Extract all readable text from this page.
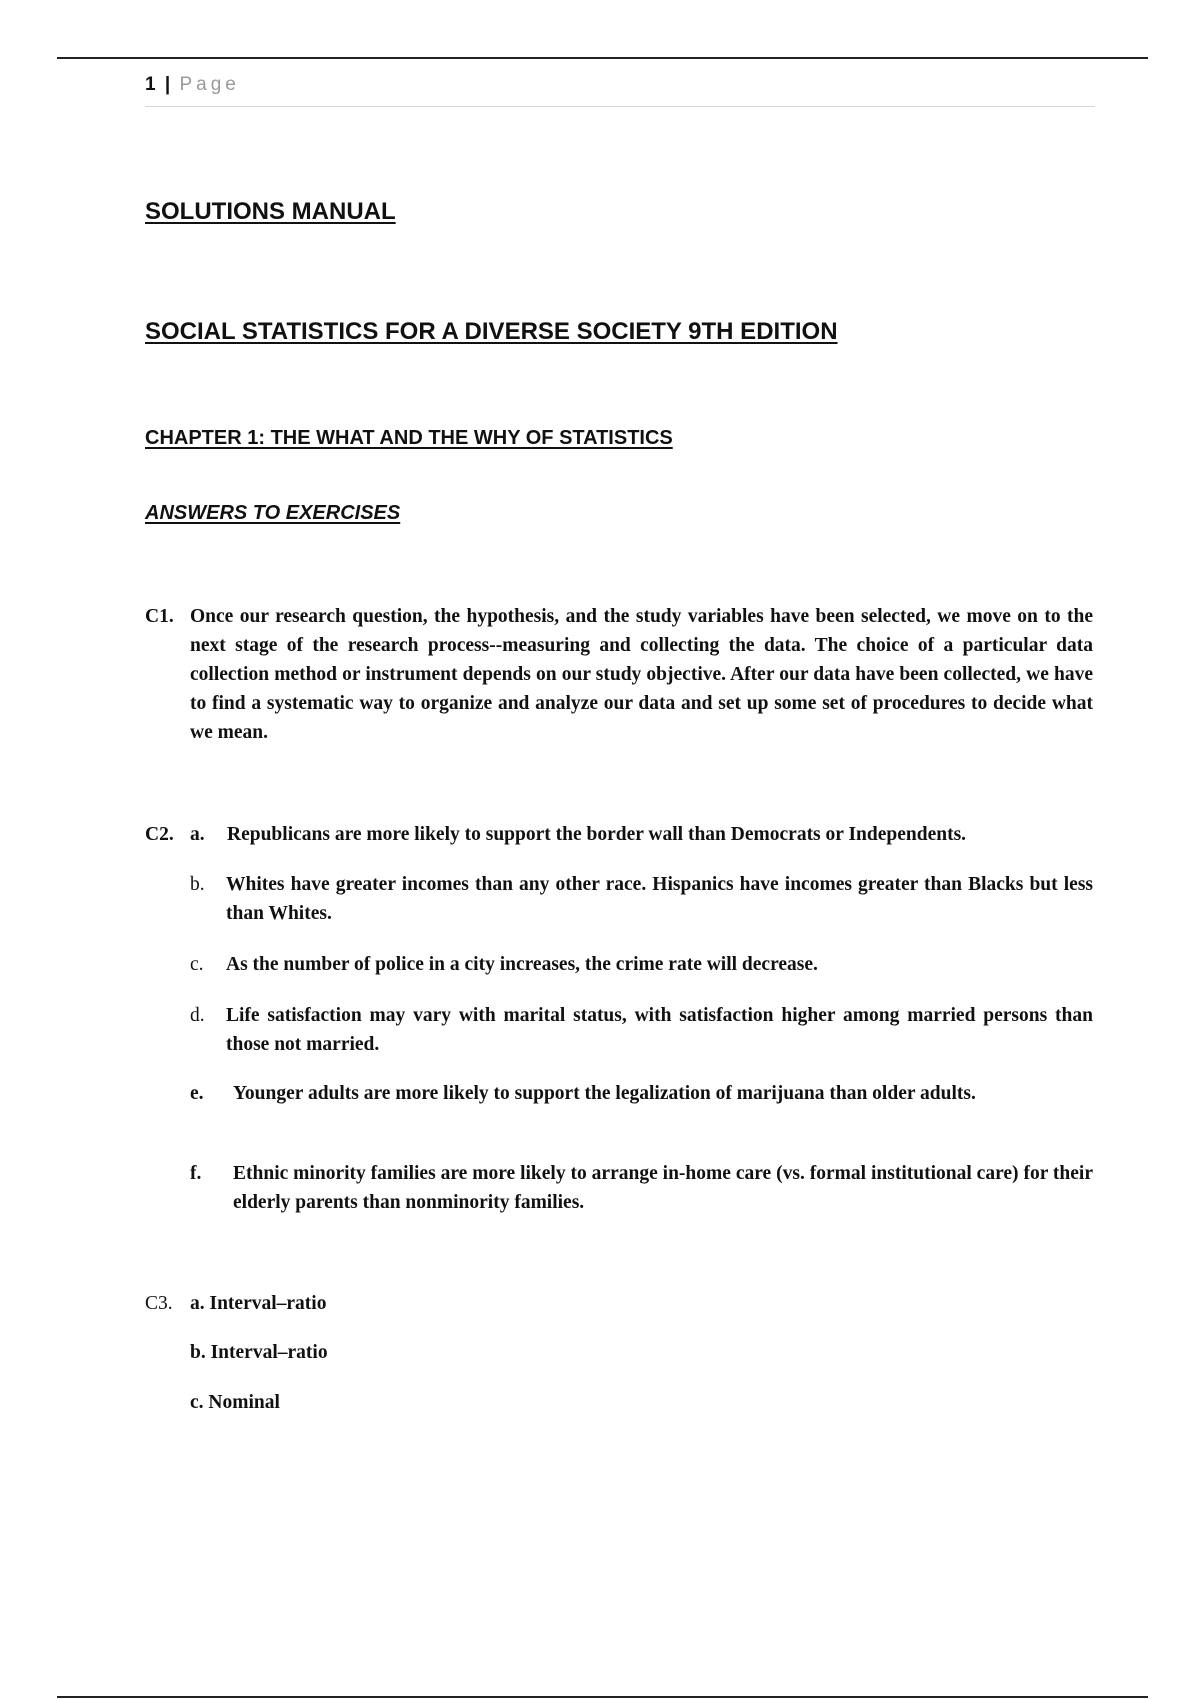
1 | Page
SOLUTIONS MANUAL
SOCIAL STATISTICS FOR A DIVERSE SOCIETY 9TH EDITION
CHAPTER 1: THE WHAT AND THE WHY OF STATISTICS
ANSWERS TO EXERCISES
C1. Once our research question, the hypothesis, and the study variables have been selected, we move on to the next stage of the research process--measuring and collecting the data. The choice of a particular data collection method or instrument depends on our study objective. After our data have been collected, we have to find a systematic way to organize and analyze our data and set up some set of procedures to decide what we mean.
C2. a. Republicans are more likely to support the border wall than Democrats or Independents.
b. Whites have greater incomes than any other race. Hispanics have incomes greater than Blacks but less than Whites.
c. As the number of police in a city increases, the crime rate will decrease.
d. Life satisfaction may vary with marital status, with satisfaction higher among married persons than those not married.
e. Younger adults are more likely to support the legalization of marijuana than older adults.
f. Ethnic minority families are more likely to arrange in-home care (vs. formal institutional care) for their elderly parents than nonminority families.
C3. a. Interval–ratio
b. Interval–ratio
c. Nominal
